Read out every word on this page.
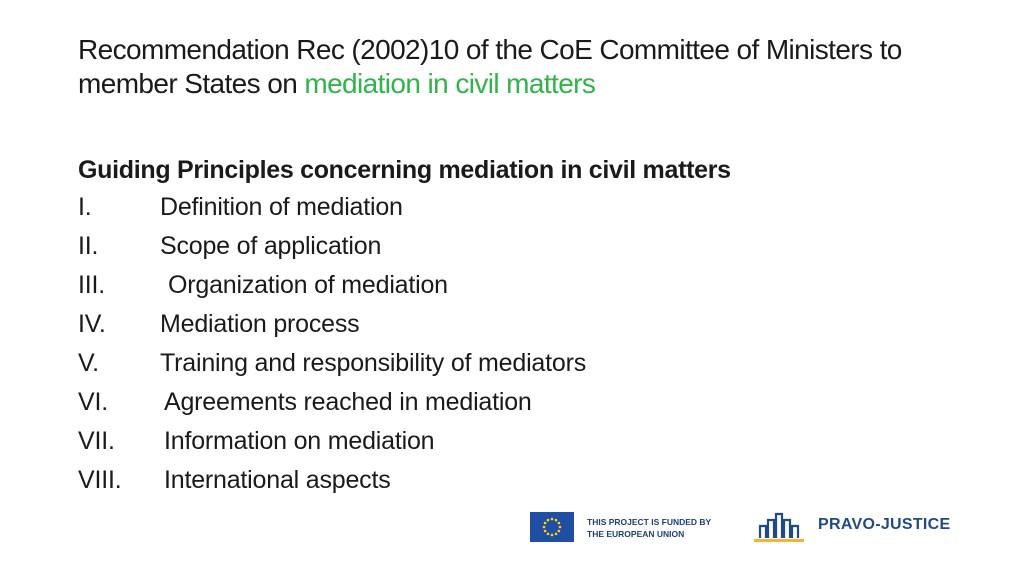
Recommendation Rec (2002)10 of the CoE Committee of Ministers to member States on mediation in civil matters
Guiding Principles concerning mediation in civil matters
I.	Definition of mediation
II. Scope of application
III.	Organization of mediation
IV. Mediation process
V. Training and responsibility of mediators
VI. Agreements reached in mediation
VII. Information on mediation
VIII. International aspects
THIS PROJECT IS FUNDED BY
THE EUROPEAN UNION
PRAVO-JUSTICE
